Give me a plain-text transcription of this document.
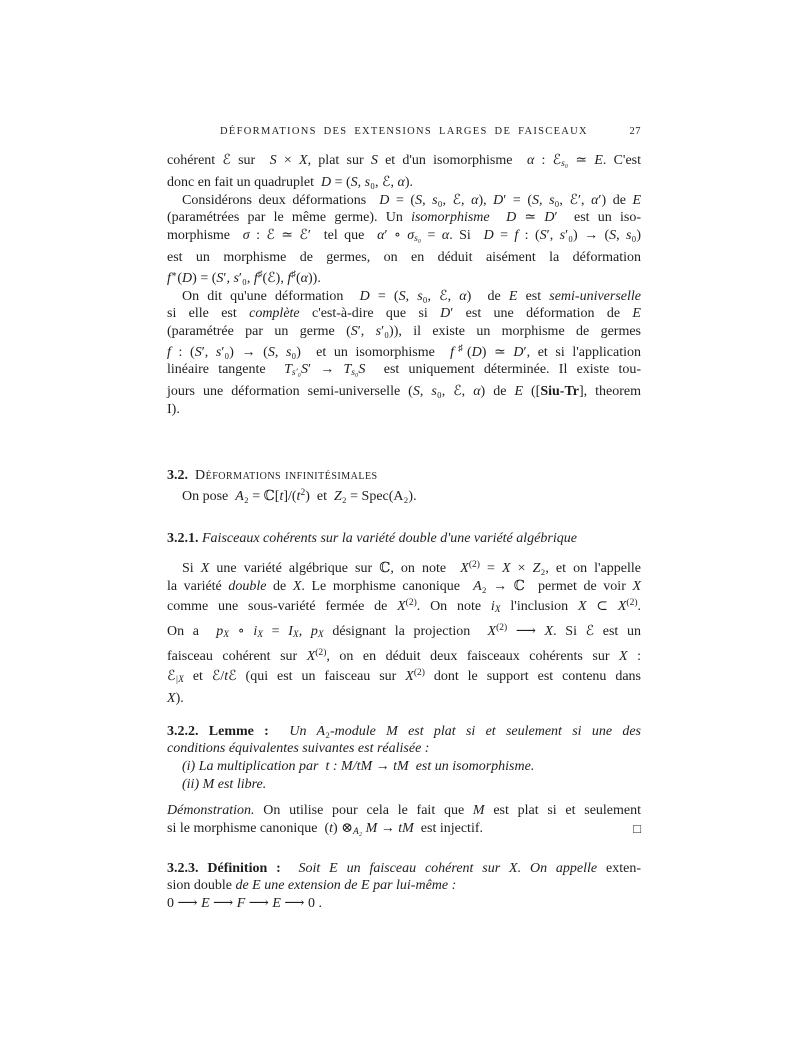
DÉFORMATIONS DES EXTENSIONS LARGES DE FAISCEAUX	27
cohérent ℰ sur  S × X, plat sur S et d'un isomorphisme  α : ℰ$_{s_0}$ ≃ E. C'est
donc en fait un quadruplet  D = (S, s₀, ℰ, α).
Considérons deux déformations  D = (S, s₀, ℰ, α), D′ = (S, s₀, ℰ′, α′) de E
(paramétrées par le même germe). Un isomorphisme D ≃ D′  est un iso-
morphisme  σ : ℰ ≃ ℰ′  tel que  α′ ∘ $\sigma_{s_0} = \alpha$. Si  D = f : (S′, s′₀) → (S, s₀)
est un morphisme de germes, on en déduit aisément la déformation
f∗(D) = (S′, s′₀, f♯(ℰ), f♯(α)).
On dit qu'une déformation  D = (S, s₀, ℰ, α)  de E est semi-universelle
si elle est complète c'est-à-dire que si D′ est une déformation de E
(paramétrée par un germe (S′, s′₀)), il existe un morphisme de germes
f : (S′, s′₀) → (S, s₀)  et un isomorphisme  f♯(D) ≃ D′, et si l'application
linéaire tangente  $T_{s'_0}S' \to T_{s_0}S$  est uniquement déterminée. Il existe tou-
jours une déformation semi-universelle (S, s₀, ℰ, α) de E ([Siu-Tr], theorem
I).
3.2. Déformations infinitésimales
On pose  $A_2 = ℂ[t]/(t^2)$  et  Z₂ = Spec(A₂).
3.2.1. Faisceaux cohérents sur la variété double d'une variété algébrique
Si X une variété algébrique sur ℂ, on note  $X^{(2)} = X \times Z_2$, et on l'appelle
la variété double de X. Le morphisme canonique  A₂ → ℂ  permet de voir X
comme une sous-variété fermée de $X^{(2)}$. On note $i_X$ l'inclusion X ⊂ $X^{(2)}$.
On a  $p_X$ ∘ $i_X = I_X$, $p_X$ désignant la projection  $X^{(2)}$ ⟶ X. Si ℰ est un
faisceau cohérent sur $X^{(2)}$, on en déduit deux faisceaux cohérents sur X :
ℰ$_{|X}$ et ℰ/tℰ (qui est un faisceau sur $X^{(2)}$ dont le support est contenu dans
X).
3.2.2. Lemme : Un A₂-module M est plat si et seulement si une des
conditions équivalentes suivantes est réalisée :
(i) La multiplication par  t : M/tM → tM  est un isomorphisme.
(ii) M est libre.
Démonstration. On utilise pour cela le fait que M est plat si et seulement
si le morphisme canonique  (t) $\otimes_{A_2}$ M → tM  est injectif.	□
3.2.3. Définition : Soit E un faisceau cohérent sur X. On appelle exten-
sion double de E une extension de E par lui-même :
0 ⟶ E ⟶ F ⟶ E ⟶ 0 .
